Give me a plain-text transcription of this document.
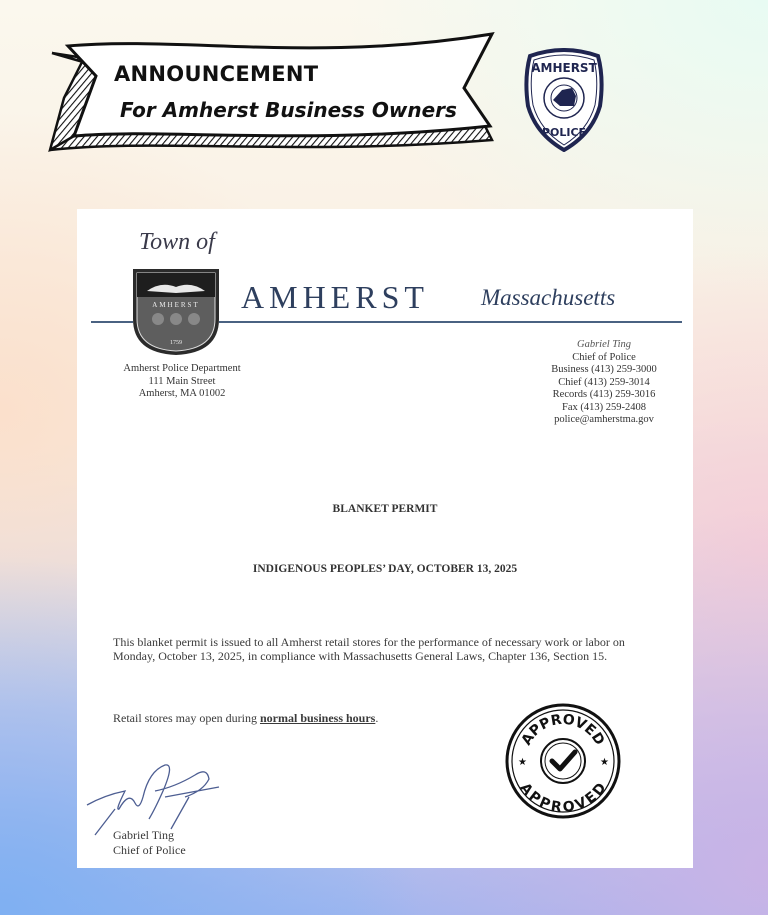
ANNOUNCEMENT
For Amherst Business Owners
AMHERST
POLICE
Town of
AMHERST
1759
AMHERST Massachusetts
Amherst Police Department
111 Main Street
Amherst, MA 01002
Gabriel Ting
Chief of Police
Business (413) 259-3000
Chief (413) 259-3014
Records (413) 259-3016
Fax (413) 259-2408
police@amherstma.gov
BLANKET PERMIT
INDIGENOUS PEOPLES’ DAY, OCTOBER 13, 2025
This blanket permit is issued to all Amherst retail stores for the performance of necessary work or labor on Monday, October 13, 2025, in compliance with Massachusetts General Laws, Chapter 136, Section 15.
Retail stores may open during normal business hours.
Gabriel Ting
Chief of Police
APPROVED
APPROVED
★	★
